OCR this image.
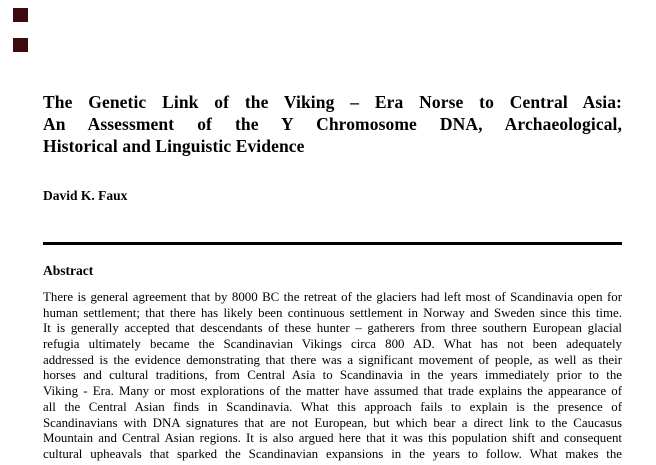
The Genetic Link of the Viking – Era Norse to Central Asia:
An Assessment of the Y Chromosome DNA, Archaeological,
Historical and Linguistic Evidence
David K. Faux
Abstract
There is general agreement that by 8000 BC the retreat of the glaciers had left most of Scandinavia open for
human settlement; that there has likely been continuous settlement in Norway and Sweden since this time.
It is generally accepted that descendants of these hunter – gatherers from three southern European glacial
refugia ultimately became the Scandinavian Vikings circa 800 AD. What has not been adequately
addressed is the evidence demonstrating that there was a significant movement of people, as well as their
horses and cultural traditions, from Central Asia to Scandinavia in the years immediately prior to the
Viking - Era. Many or most explorations of the matter have assumed that trade explains the appearance of
all the Central Asian finds in Scandinavia. What this approach fails to explain is the presence of
Scandinavians with DNA signatures that are not European, but which bear a direct link to the Caucasus
Mountain and Central Asian regions. It is also argued here that it was this population shift and consequent
cultural upheavals that sparked the Scandinavian expansions in the years to follow. What makes the
